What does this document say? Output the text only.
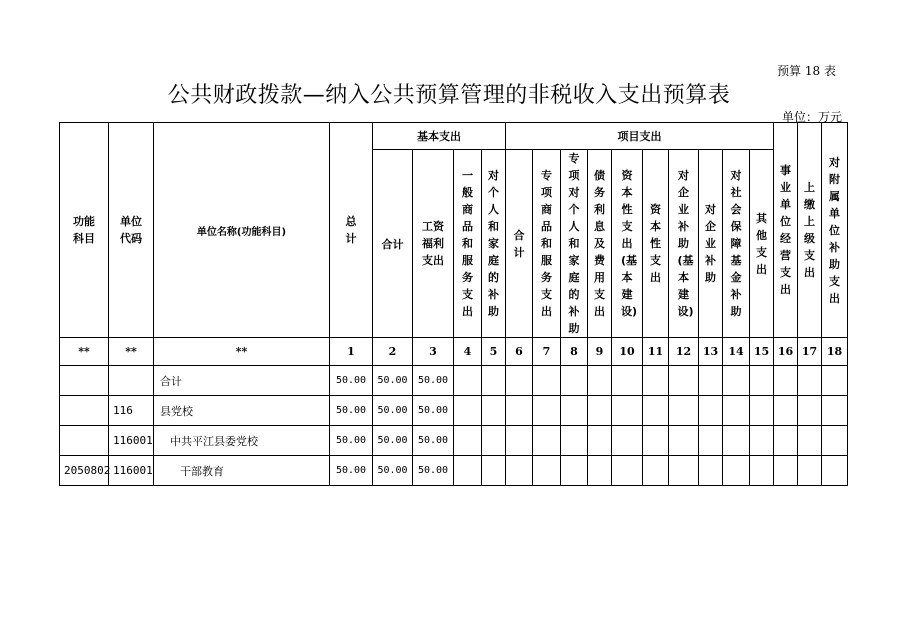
预算 18 表
公共财政拨款—纳入公共预算管理的非税收入支出预算表
单位：万元
功能科目	单位代码	单位名称(功能科目)	总计	基本支出				项目支出										事业单位经营支出	上缴上级支出	对附属单位补助支出
				合计	工资福利支出	一般商品和服务支出	对个人和家庭的补助	合计	专项商品和服务支出	专项对个人和家庭的补助	债务利息及费用支出	资本性支出(基本建设)	资本性支出	对企业补助(基本建设)	对企业补助	对社会保障基金补助	其他支出			
**	**	**	1	2	3	4	5	6	7	8	9	10	11	12	13	14	15	16	17	18
		合计	50.00	50.00	50.00															
	116	县党校	50.00	50.00	50.00															
	116001	中共平江县委党校	50.00	50.00	50.00															
2050802	116001	干部教育	50.00	50.00	50.00															
